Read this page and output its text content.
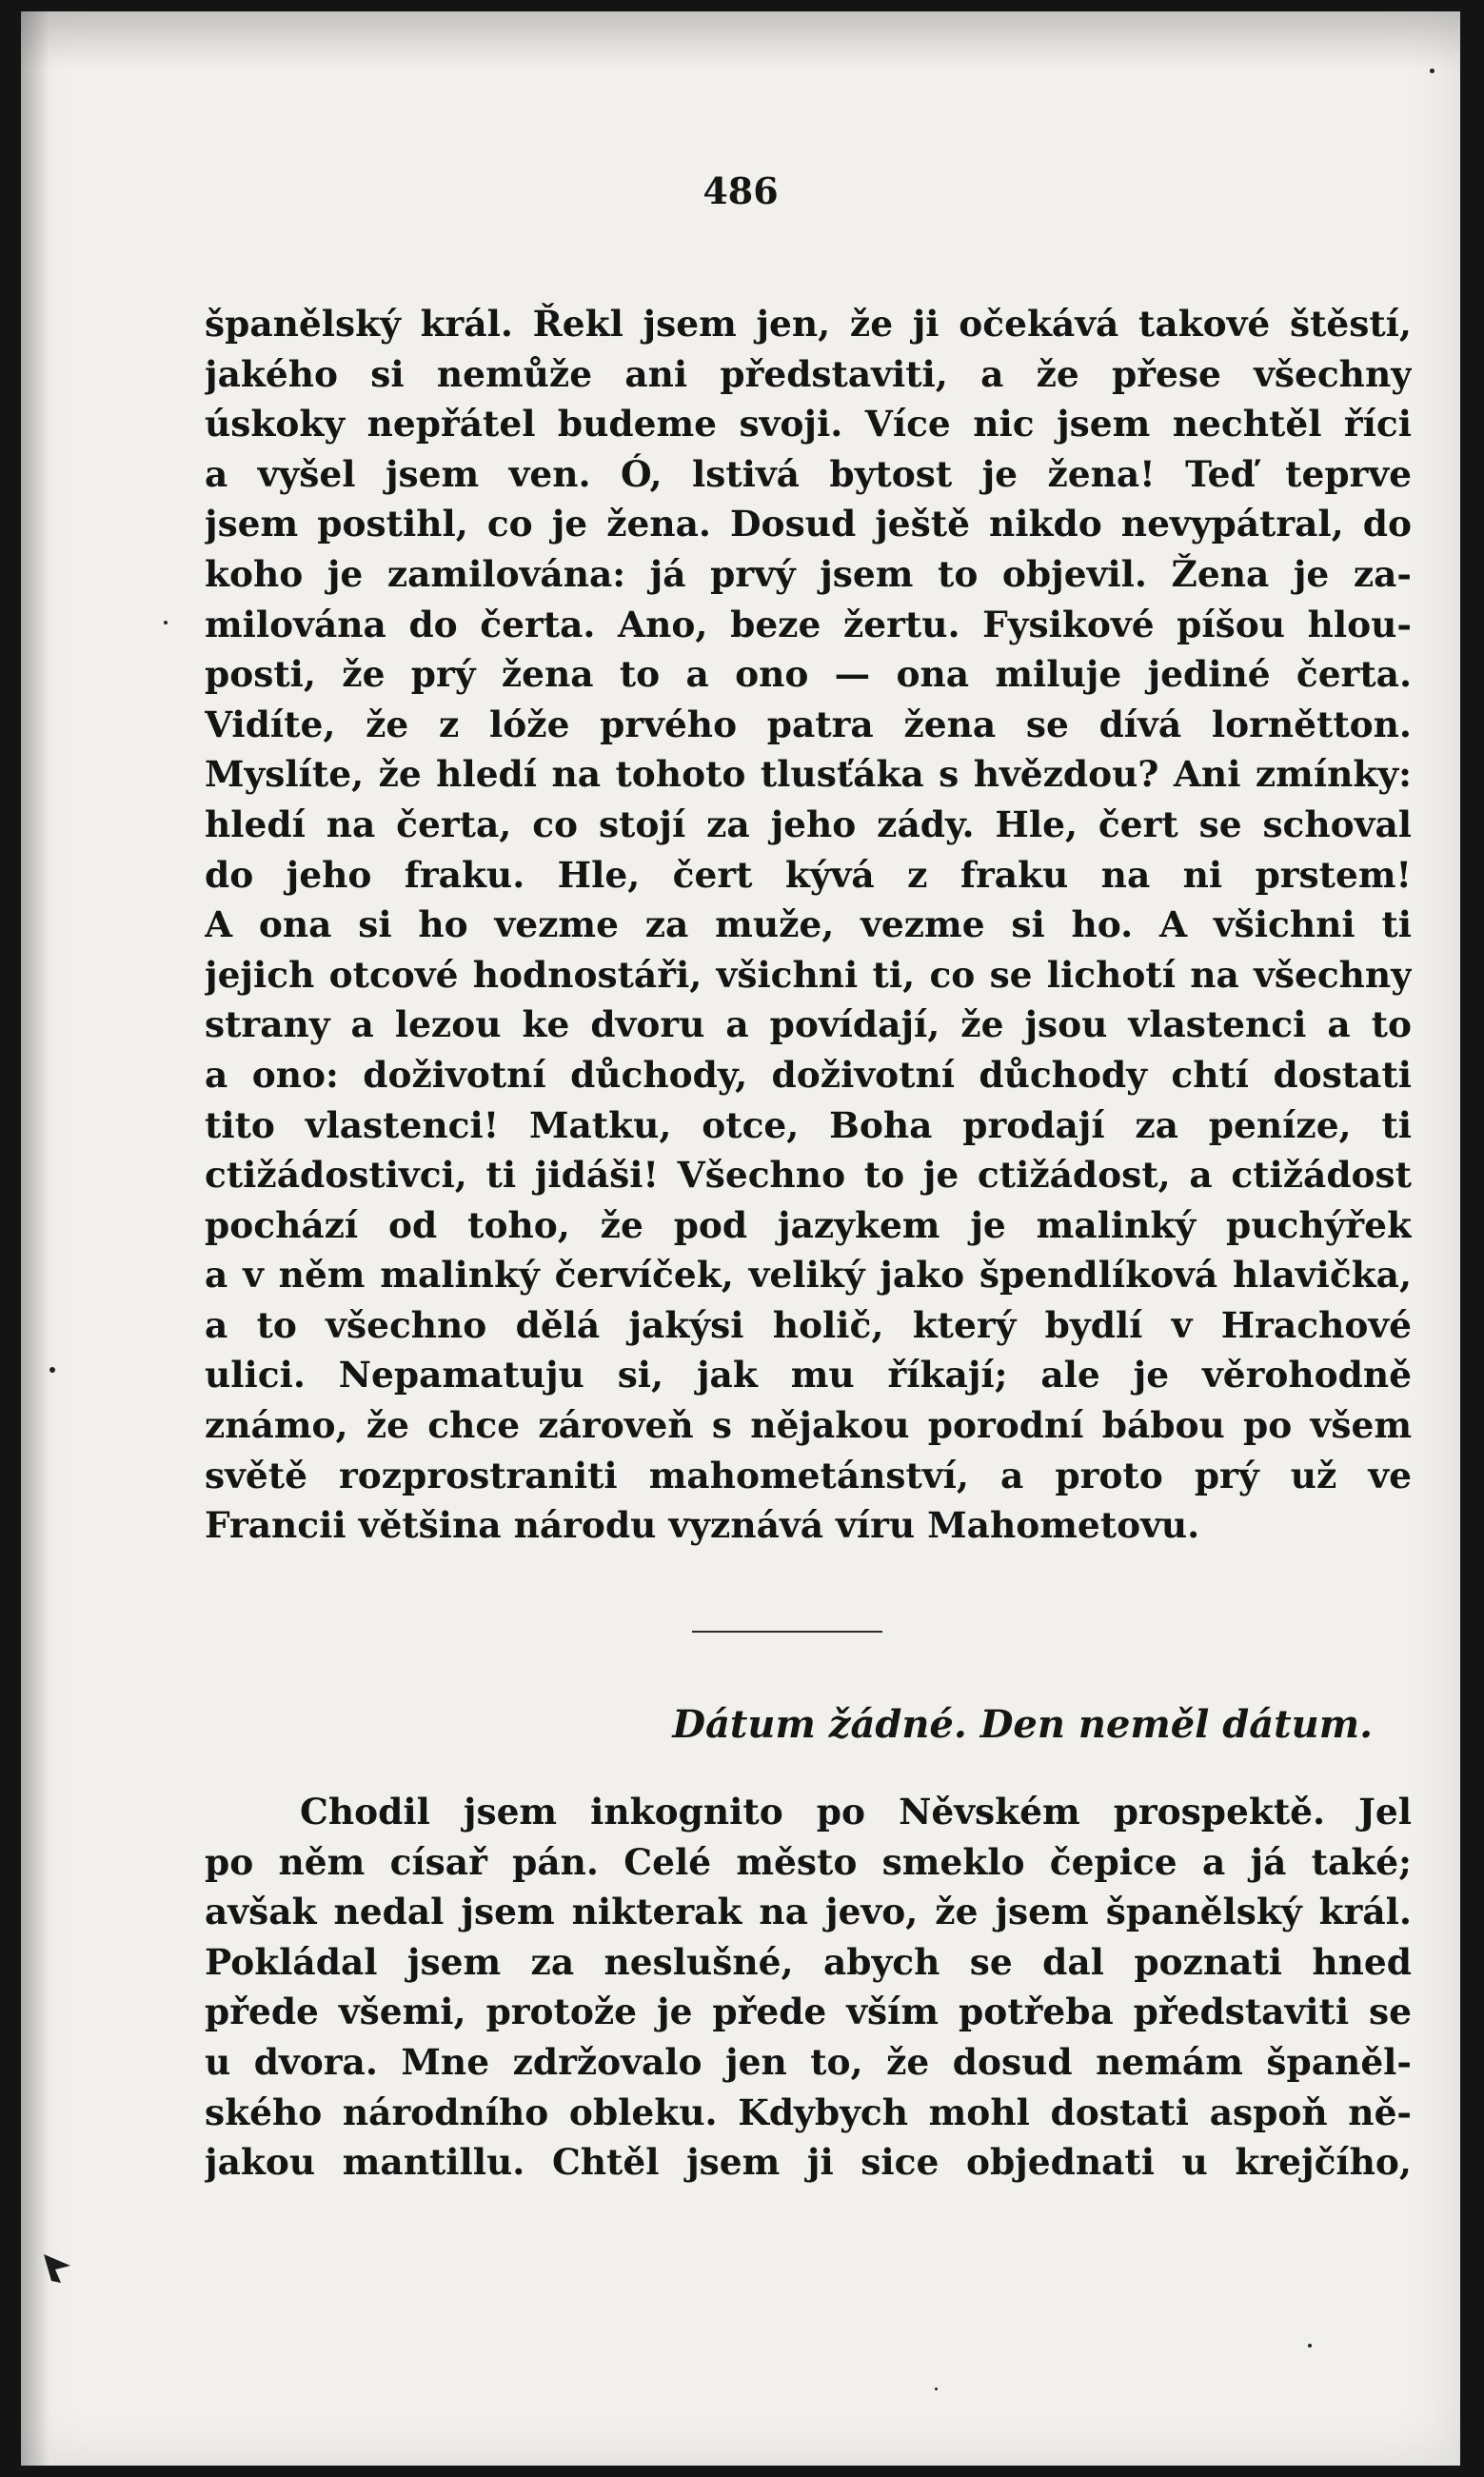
486
španělský král. Řekl jsem jen, že ji očekává takové štěstí,
jakého si nemůže ani představiti, a že přese všechny
úskoky nepřátel budeme svoji. Více nic jsem nechtěl říci
a vyšel jsem ven. Ó, lstivá bytost je žena! Teď teprve
jsem postihl, co je žena. Dosud ještě nikdo nevypátral, do
koho je zamilována: já prvý jsem to objevil. Žena je za-
milována do čerta. Ano, beze žertu. Fysikové píšou hlou-
posti, že prý žena to a ono — ona miluje jediné čerta.
Vidíte, že z lóže prvého patra žena se dívá lornětton.
Myslíte, že hledí na tohoto tlusťáka s hvězdou? Ani zmínky:
hledí na čerta, co stojí za jeho zády. Hle, čert se schoval
do jeho fraku. Hle, čert kývá z fraku na ni prstem!
A ona si ho vezme za muže, vezme si ho. A všichni ti
jejich otcové hodnostáři, všichni ti, co se lichotí na všechny
strany a lezou ke dvoru a povídají, že jsou vlastenci a to
a ono: doživotní důchody, doživotní důchody chtí dostati
tito vlastenci! Matku, otce, Boha prodají za peníze, ti
ctižádostivci, ti jidáši! Všechno to je ctižádost, a ctižádost
pochází od toho, že pod jazykem je malinký puchýřek
a v něm malinký červíček, veliký jako špendlíková hlavička,
a to všechno dělá jakýsi holič, který bydlí v Hrachové
ulici. Nepamatuju si, jak mu říkají; ale je věrohodně
známo, že chce zároveň s nějakou porodní bábou po všem
světě rozprostraniti mahometánství, a proto prý už ve
Francii většina národu vyznává víru Mahometovu.
Dátum žádné. Den neměl dátum.
Chodil jsem inkognito po Něvském prospektě. Jel
po něm císař pán. Celé město smeklo čepice a já také;
avšak nedal jsem nikterak na jevo, že jsem španělský král.
Pokládal jsem za neslušné, abych se dal poznati hned
přede všemi, protože je přede vším potřeba představiti se
u dvora. Mne zdržovalo jen to, že dosud nemám španěl-
ského národního obleku. Kdybych mohl dostati aspoň ně-
jakou mantillu. Chtěl jsem ji sice objednati u krejčího,
